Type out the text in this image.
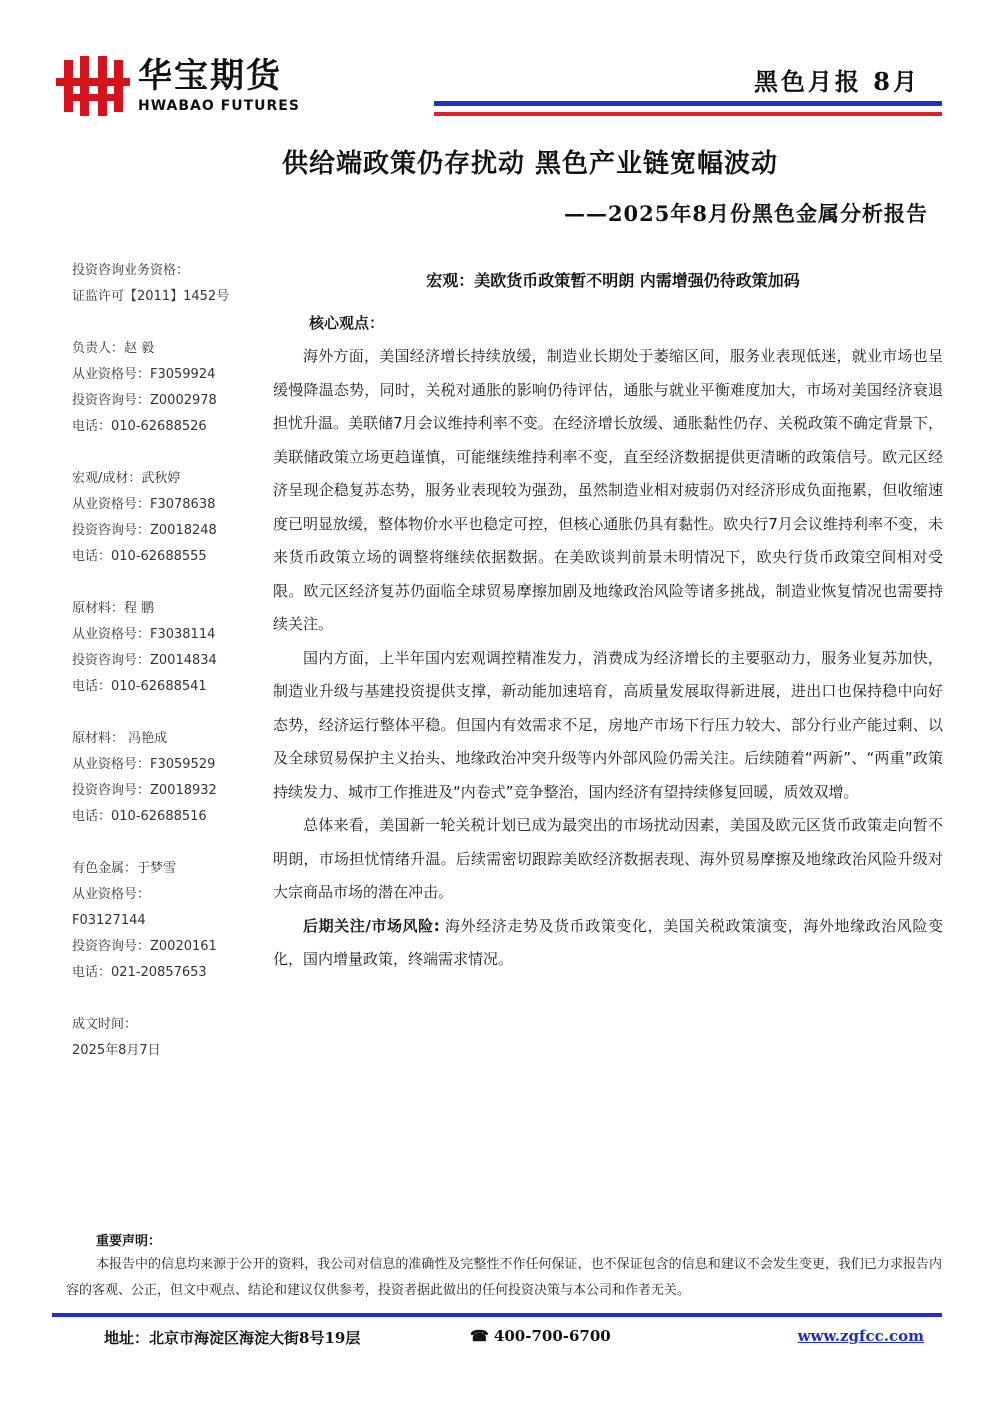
华宝期货
HWABAO FUTURES
黑色月报 8月
供给端政策仍存扰动 黑色产业链宽幅波动
——2025年8月份黑色金属分析报告
投资咨询业务资格：
证监许可【2011】1452号
负责人：赵 毅
从业资格号：F3059924
投资咨询号：Z0002978
电话：010-62688526
宏观/成材：武秋婷
从业资格号：F3078638
投资咨询号：Z0018248
电话：010-62688555
原材料：程 鹏
从业资格号：F3038114
投资咨询号：Z0014834
电话：010-62688541
原材料： 冯艳成
从业资格号：F3059529
投资咨询号：Z0018932
电话：010-62688516
有色金属：于梦雪
从业资格号：
F03127144
投资咨询号：Z0020161
电话：021-20857653
成文时间：
2025年8月7日
宏观：美欧货币政策暂不明朗 内需增强仍待政策加码
核心观点：

海外方面，美国经济增长持续放缓，制造业长期处于萎缩区间，服务业表现低迷，就业市场也呈缓慢降温态势，同时，关税对通胀的影响仍待评估，通胀与就业平衡难度加大，市场对美国经济衰退担忧升温。美联储7月会议维持利率不变。在经济增长放缓、通胀黏性仍存、关税政策不确定背景下，美联储政策立场更趋谨慎，可能继续维持利率不变，直至经济数据提供更清晰的政策信号。欧元区经济呈现企稳复苏态势，服务业表现较为强劲，虽然制造业相对疲弱仍对经济形成负面拖累，但收缩速度已明显放缓，整体物价水平也稳定可控，但核心通胀仍具有黏性。欧央行7月会议维持利率不变，未来货币政策立场的调整将继续依据数据。在美欧谈判前景未明情况下，欧央行货币政策空间相对受限。欧元区经济复苏仍面临全球贸易摩擦加剧及地缘政治风险等诸多挑战，制造业恢复情况也需要持续关注。

国内方面，上半年国内宏观调控精准发力，消费成为经济增长的主要驱动力，服务业复苏加快，制造业升级与基建投资提供支撑，新动能加速培育，高质量发展取得新进展，进出口也保持稳中向好态势，经济运行整体平稳。但国内有效需求不足，房地产市场下行压力较大、部分行业产能过剩、以及全球贸易保护主义抬头、地缘政治冲突升级等内外部风险仍需关注。后续随着“两新”、“两重”政策持续发力、城市工作推进及“内卷式”竞争整治，国内经济有望持续修复回暖，质效双增。

总体来看，美国新一轮关税计划已成为最突出的市场扰动因素，美国及欧元区货币政策走向暂不明朗，市场担忧情绪升温。后续需密切跟踪美欧经济数据表现、海外贸易摩擦及地缘政治风险升级对大宗商品市场的潜在冲击。

后期关注/市场风险: 海外经济走势及货币政策变化，美国关税政策演变，海外地缘政治风险变化，国内增量政策，终端需求情况。

重要声明：
本报告中的信息均来源于公开的资料，我公司对信息的准确性及完整性不作任何保证，也不保证包含的信息和建议不会发生变更，我们已力求报告内容的客观、公正，但文中观点、结论和建议仅供参考，投资者据此做出的任何投资决策与本公司和作者无关。
地址：北京市海淀区海淀大街8号19层	☎ 400-700-6700	www.zgfcc.com
